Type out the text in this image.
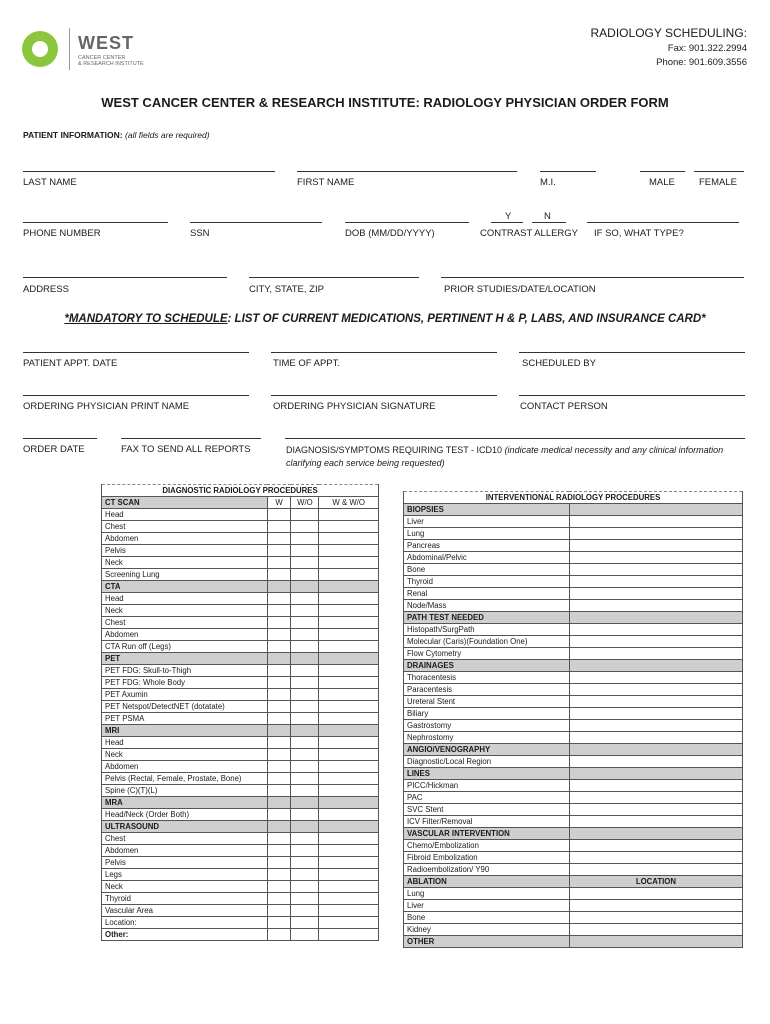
WEST
CANCER CENTER
& RESEARCH INSTITUTE
RADIOLOGY SCHEDULING:
Fax: 901.322.2994
Phone: 901.609.3556
WEST CANCER CENTER & RESEARCH INSTITUTE: RADIOLOGY PHYSICIAN ORDER FORM
PATIENT INFORMATION: (all fields are required)
LAST NAME	FIRST NAME	M.I.	MALE	FEMALE
Y	N
PHONE NUMBER	SSN	DOB (MM/DD/YYYY)	CONTRAST ALLERGY IF SO, WHAT TYPE?
ADDRESS	CITY, STATE, ZIP	PRIOR STUDIES/DATE/LOCATION
*MANDATORY TO SCHEDULE: LIST OF CURRENT MEDICATIONS, PERTINENT H & P, LABS, AND INSURANCE CARD*
PATIENT APPT. DATE	TIME OF APPT.	SCHEDULED BY
ORDERING PHYSICIAN PRINT NAME	ORDERING PHYSICIAN SIGNATURE	CONTACT PERSON
ORDER DATE	FAX TO SEND ALL REPORTS	DIAGNOSIS/SYMPTOMS REQUIRING TEST - ICD10 (indicate medical necessity and any clinical information clarifying each service being requested)
DIAGNOSTIC RADIOLOGY PROCEDURES			
CT SCAN	W	W/O	W & W/O
Head			
Chest			
Abdomen			
Pelvis			
Neck			
Screening Lung			
CTA			
Head			
Neck			
Chest			
Abdomen			
CTA Run off (Legs)			
PET			
PET FDG: Skull-to-Thigh			
PET FDG: Whole Body			
PET Axumin			
PET Netspot/DetectNET (dotatate)			
PET PSMA			
MRI			
Head			
Neck			
Abdomen			
Pelvis (Rectal, Female, Prostate, Bone)			
Spine (C)(T)(L)			
MRA			
Head/Neck (Order Both)			
ULTRASOUND			
Chest			
Abdomen			
Pelvis			
Legs			
Neck			
Thyroid			
Vascular Area			
Location:			
Other:			
INTERVENTIONAL RADIOLOGY PROCEDURES	
BIOPSIES	
Liver	
Lung	
Pancreas	
Abdominal/Pelvic	
Bone	
Thyroid	
Renal	
Node/Mass	
PATH TEST NEEDED	
Histopath/SurgPath	
Molecular (Caris)(Foundation One)	
Flow Cytometry	
DRAINAGES	
Thoracentesis	
Paracentesis	
Ureteral Stent	
Biliary	
Gastrostomy	
Nephrostomy	
ANGIO/VENOGRAPHY	
Diagnostic/Local Region	
LINES	
PICC/Hickman	
PAC	
SVC Stent	
ICV Filter/Removal	
VASCULAR INTERVENTION	
Chemo/Embolization	
Fibroid Embolization	
Radioembolization/ Y90	
ABLATION	LOCATION
Lung	
Liver	
Bone	
Kidney	
OTHER	
